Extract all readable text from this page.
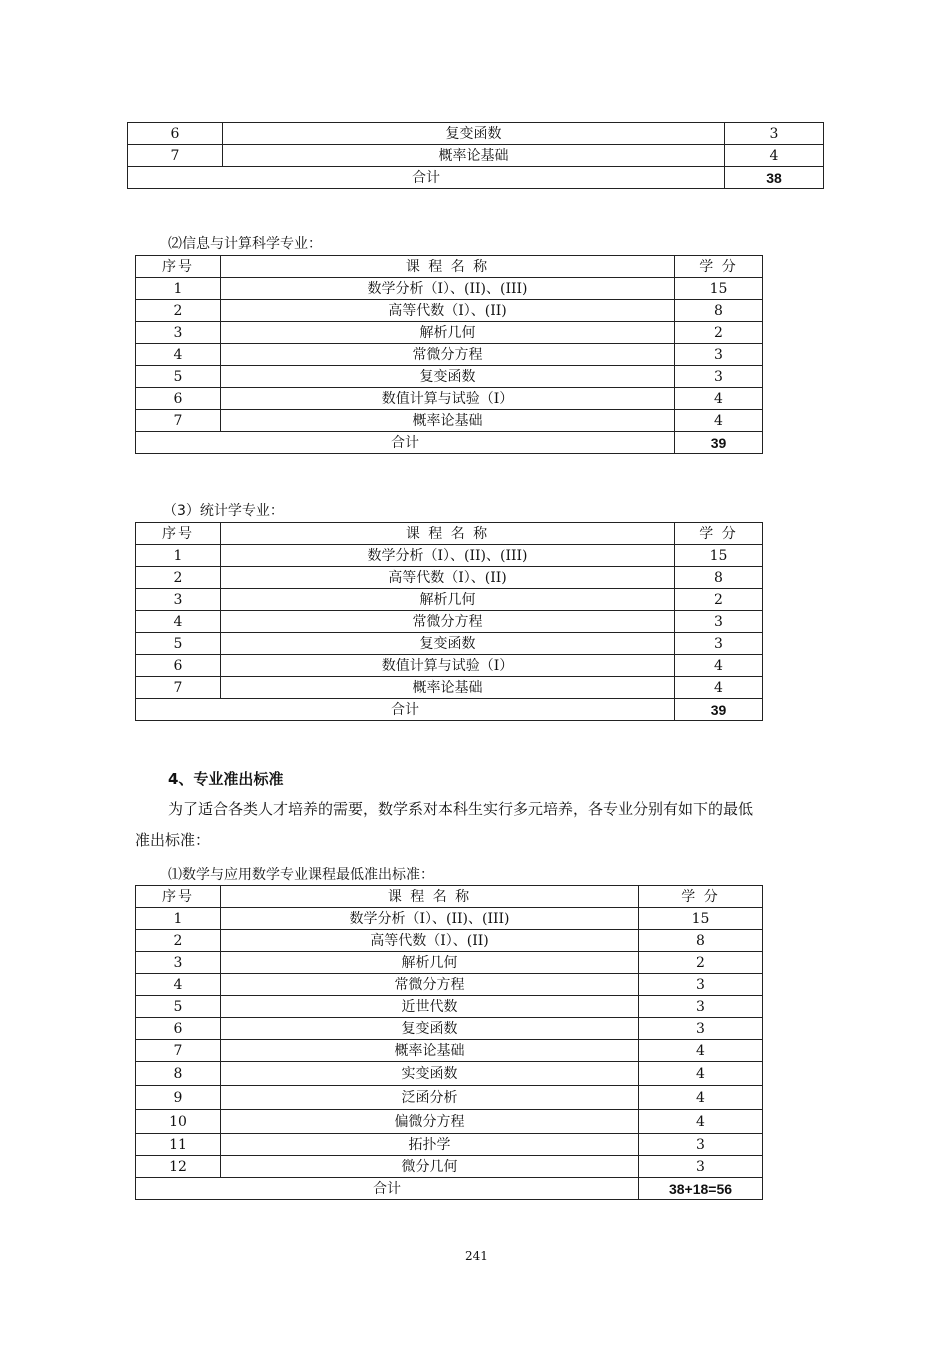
6	复变函数	3
7	概率论基础	4
合计		38
⑵信息与计算科学专业：
序号	课 程 名 称	学 分
1	数学分析（I）、(II)、(III)	15
2	高等代数（I）、(II)	8
3	解析几何	2
4	常微分方程	3
5	复变函数	3
6	数值计算与试验（I）	4
7	概率论基础	4
合计		39
（3）统计学专业：
序号	课 程 名 称	学 分
1	数学分析（I）、(II)、(III)	15
2	高等代数（I）、(II)	8
3	解析几何	2
4	常微分方程	3
5	复变函数	3
6	数值计算与试验（I）	4
7	概率论基础	4
合计		39
4、专业准出标准
为了适合各类人才培养的需要，数学系对本科生实行多元培养，各专业分别有如下的最低
准出标准：
⑴数学与应用数学专业课程最低准出标准：
序号	课 程 名 称	学 分
1	数学分析（I）、(II)、(III)	15
2	高等代数（I）、(II)	8
3	解析几何	2
4	常微分方程	3
5	近世代数	3
6	复变函数	3
7	概率论基础	4
8	实变函数	4
9	泛函分析	4
10	偏微分方程	4
11	拓扑学	3
12	微分几何	3
合计		38+18=56
241
